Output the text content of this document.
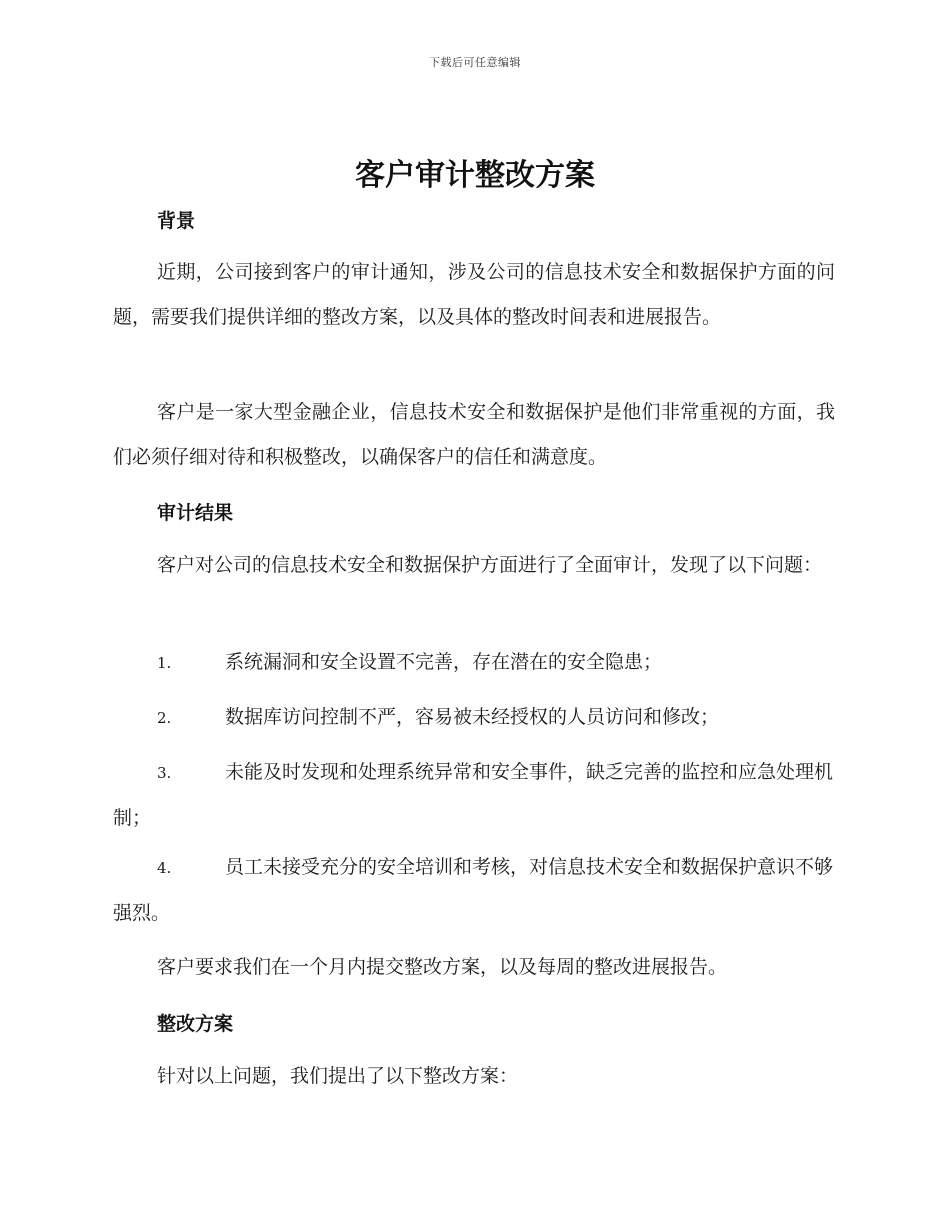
下载后可任意编辑
客户审计整改方案
背景

近期，公司接到客户的审计通知，涉及公司的信息技术安全和数据保护方面的问题，需要我们提供详细的整改方案，以及具体的整改时间表和进展报告。

客户是一家大型金融企业，信息技术安全和数据保护是他们非常重视的方面，我们必须仔细对待和积极整改，以确保客户的信任和满意度。

审计结果

客户对公司的信息技术安全和数据保护方面进行了全面审计，发现了以下问题：

1.	系统漏洞和安全设置不完善，存在潜在的安全隐患；

2.	数据库访问控制不严，容易被未经授权的人员访问和修改；

3.	未能及时发现和处理系统异常和安全事件，缺乏完善的监控和应急处理机制；

4.	员工未接受充分的安全培训和考核，对信息技术安全和数据保护意识不够强烈。

客户要求我们在一个月内提交整改方案，以及每周的整改进展报告。

整改方案

针对以上问题，我们提出了以下整改方案：
